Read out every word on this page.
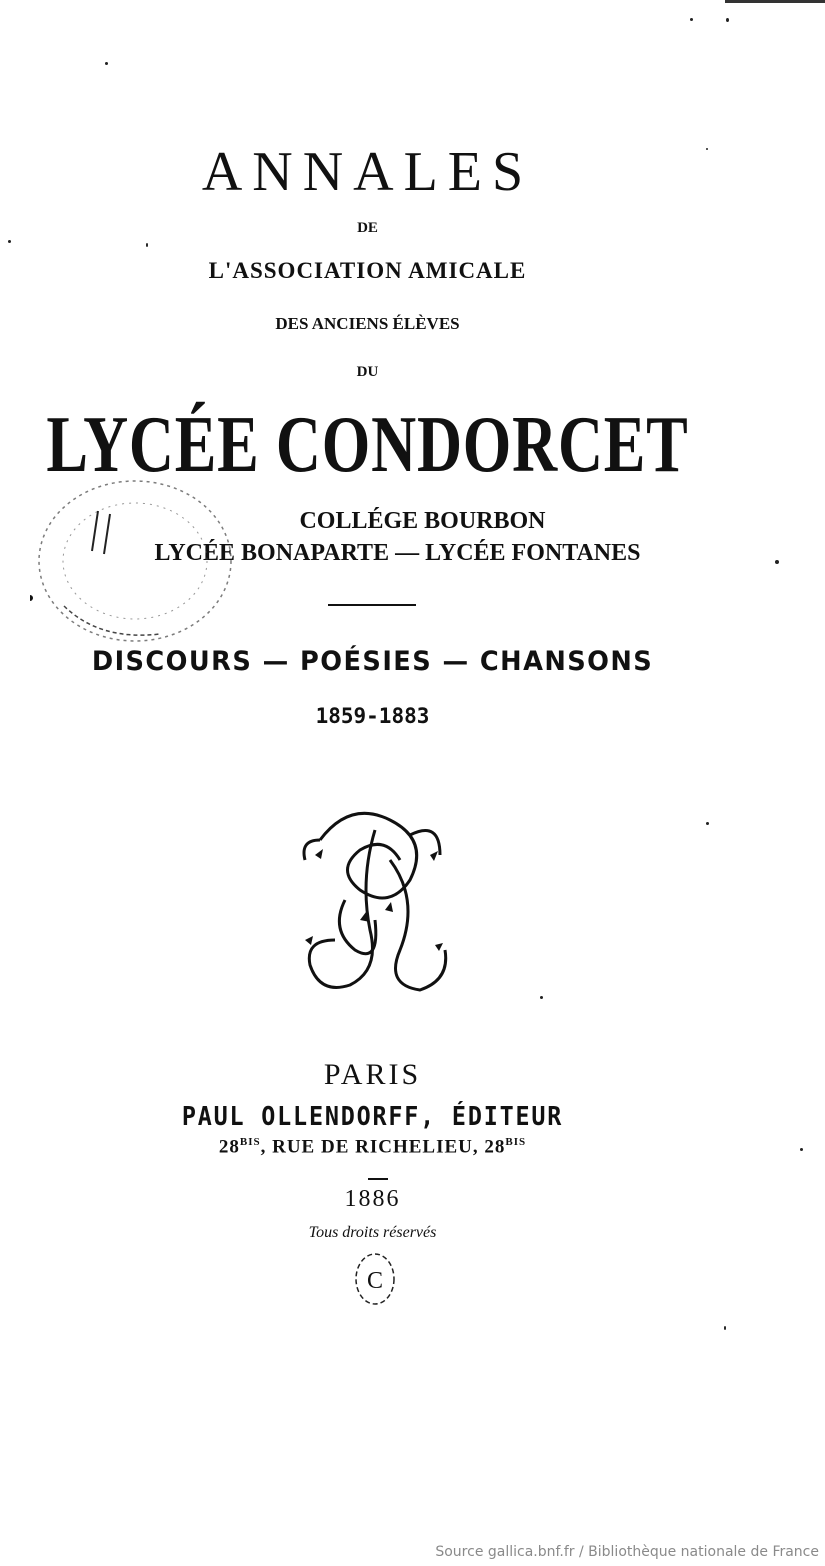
ANNALES
DE
L'ASSOCIATION AMICALE
DES ANCIENS ÉLÈVES
DU
LYCÉE CONDORCET
COLLÉGE BOURBON
LYCÉE BONAPARTE — LYCÉE FONTANES
DISCOURS — POÉSIES — CHANSONS
1859-1883
PARIS
PAUL OLLENDORFF, ÉDITEUR
$28^{BIS}$, RUE DE RICHELIEU, $28^{BIS}$
1886
Tous droits réservés
C
Source gallica.bnf.fr / Bibliothèque nationale de France
